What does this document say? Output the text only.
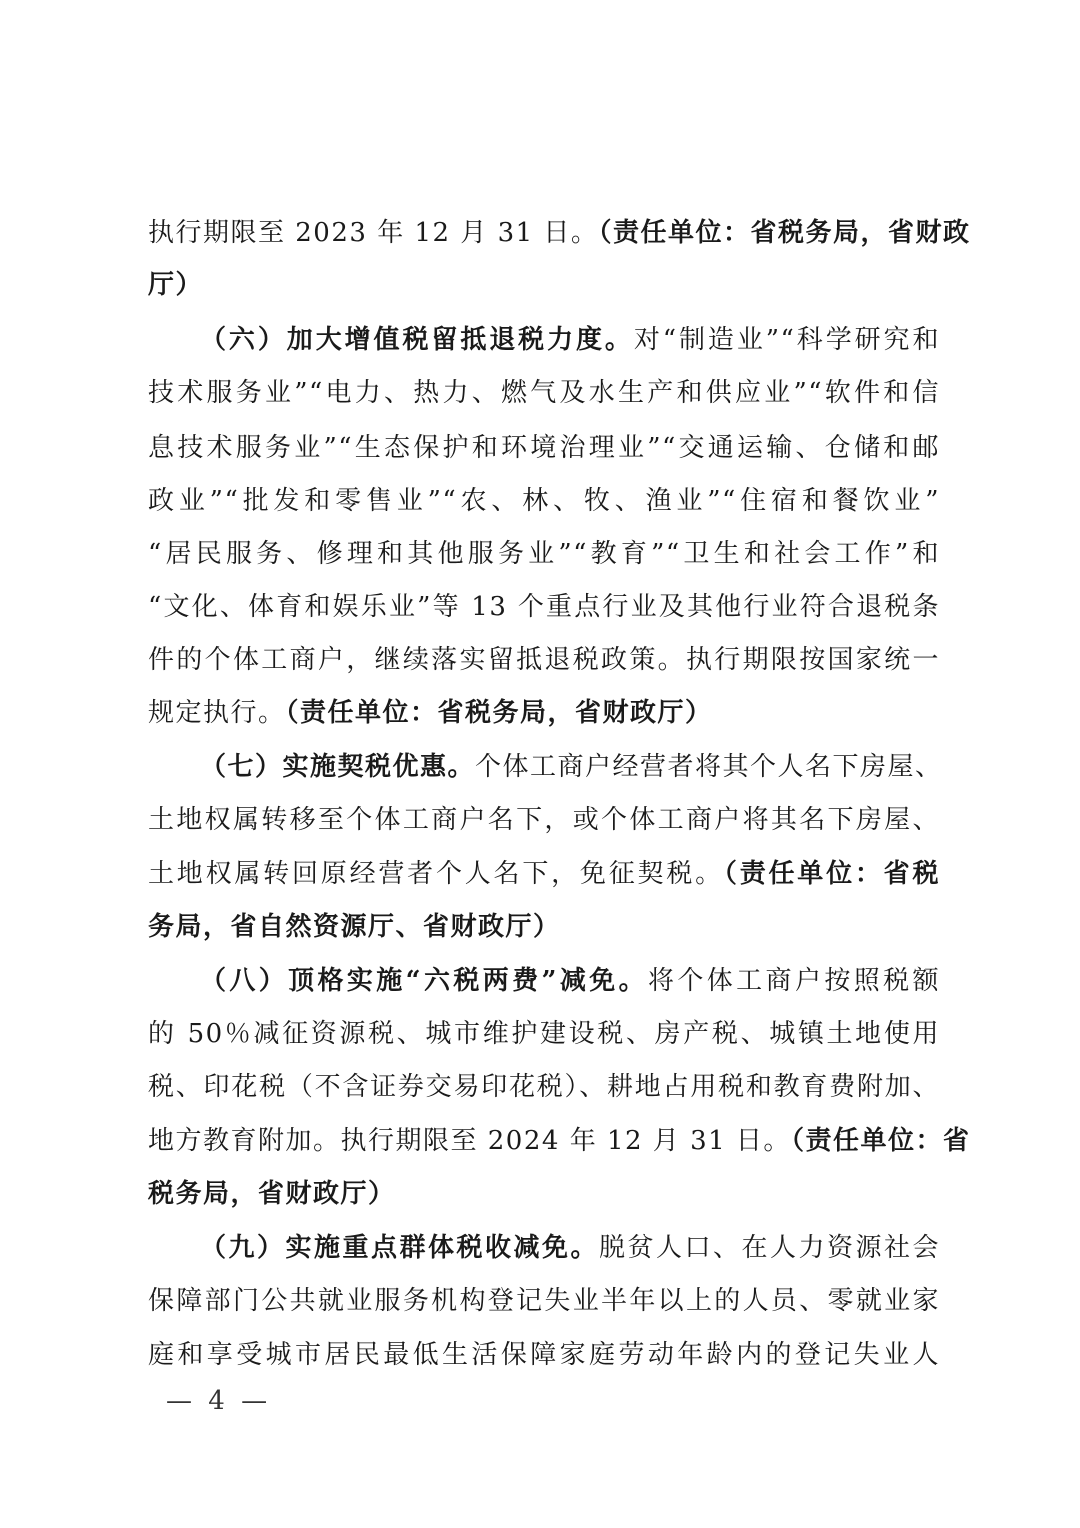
执行期限至 2023 年 12 月 31 日。（责任单位：省税务局，省财政
厅）
（六）加大增值税留抵退税力度。对“制造业”“科学研究和
技术服务业”“电力、热力、燃气及水生产和供应业”“软件和信
息技术服务业”“生态保护和环境治理业”“交通运输、仓储和邮
政业”“批发和零售业”“农、林、牧、渔业”“住宿和餐饮业”
“居民服务、修理和其他服务业”“教育”“卫生和社会工作”和
“文化、体育和娱乐业”等 13 个重点行业及其他行业符合退税条
件的个体工商户，继续落实留抵退税政策。执行期限按国家统一
规定执行。（责任单位：省税务局，省财政厅）
（七）实施契税优惠。个体工商户经营者将其个人名下房屋、
土地权属转移至个体工商户名下，或个体工商户将其名下房屋、
土地权属转回原经营者个人名下，免征契税。（责任单位：省税
务局，省自然资源厅、省财政厅）
（八）顶格实施“六税两费”减免。将个体工商户按照税额
的 50％减征资源税、城市维护建设税、房产税、城镇土地使用
税、印花税（不含证券交易印花税）、耕地占用税和教育费附加、
地方教育附加。执行期限至 2024 年 12 月 31 日。（责任单位：省
税务局，省财政厅）
（九）实施重点群体税收减免。脱贫人口、在人力资源社会
保障部门公共就业服务机构登记失业半年以上的人员、零就业家
庭和享受城市居民最低生活保障家庭劳动年龄内的登记失业人
— 4 —
